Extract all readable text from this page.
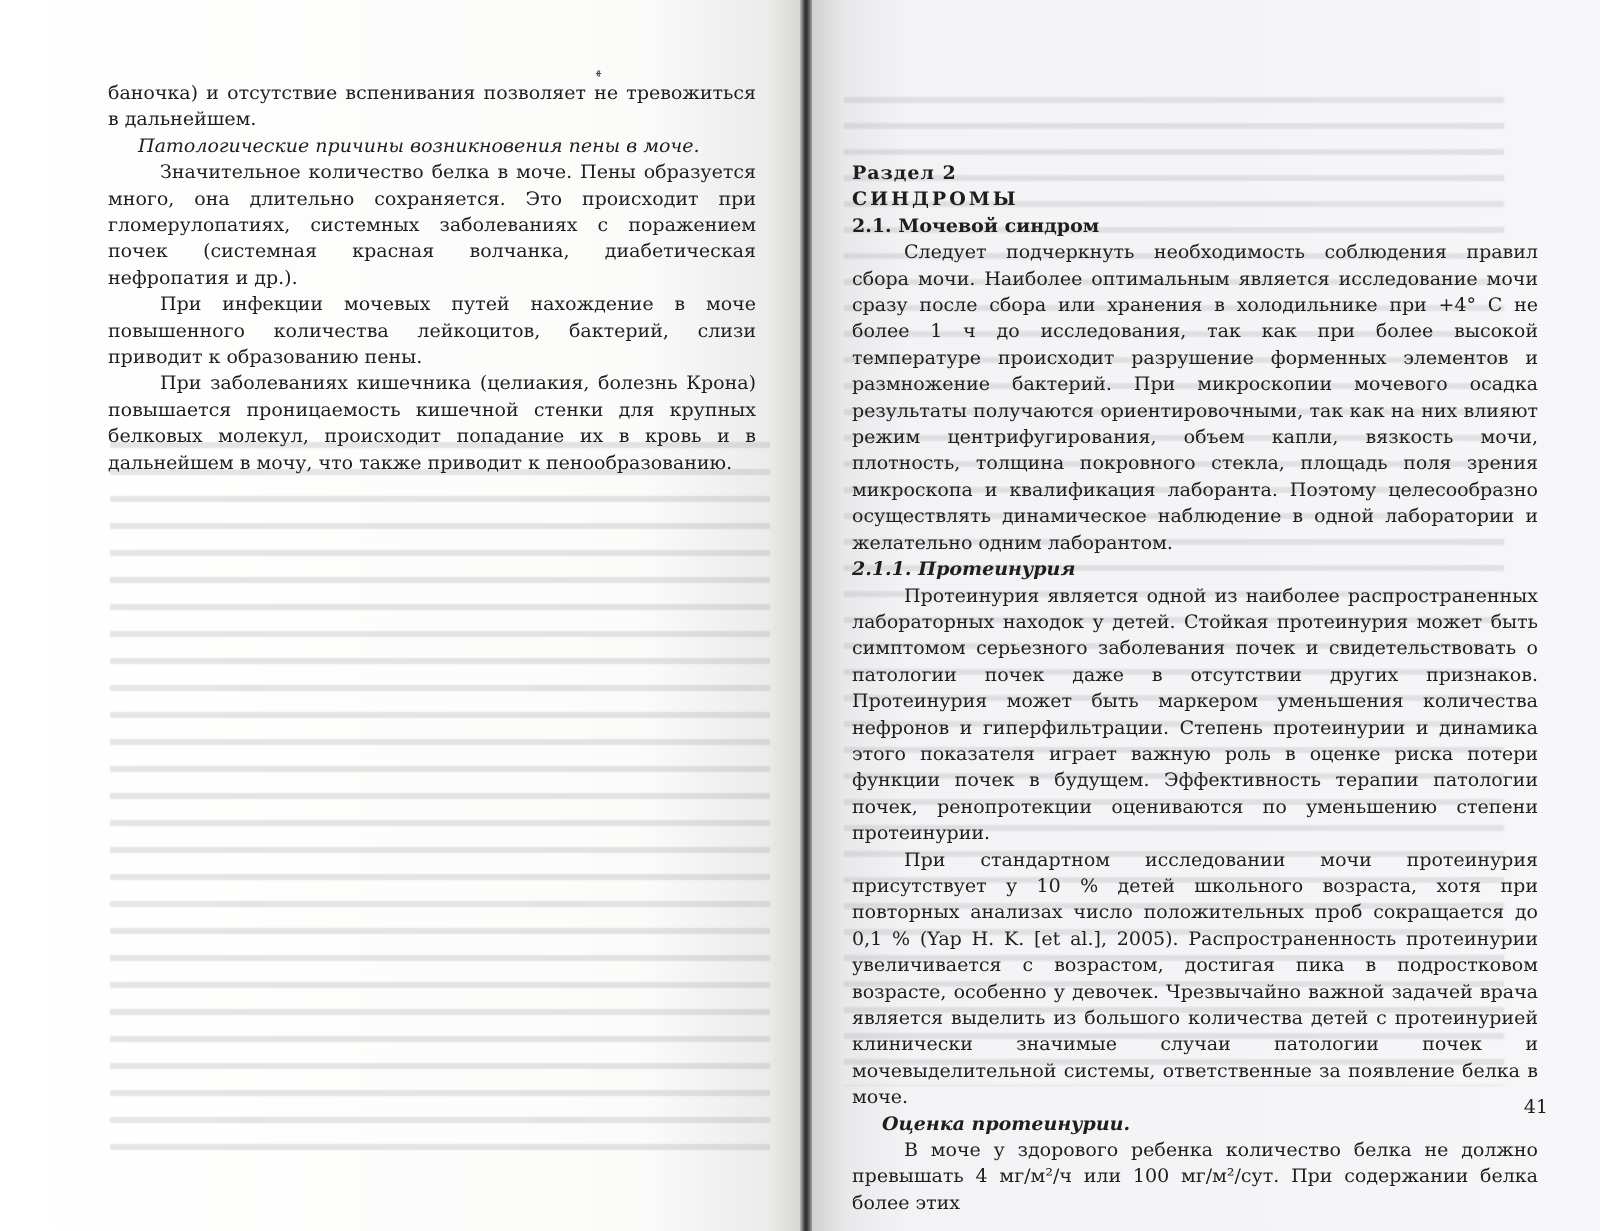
ﻬ

баночка) и отсутствие вспенивания позволяет не тревожиться в дальнейшем.

Патологические причины возникновения пены в моче.

Значительное количество белка в моче. Пены образуется много, она длительно сохраняется. Это происходит при гломерулопатиях, системных заболеваниях с поражением почек (системная красная волчанка, диабетическая нефропатия и др.).

При инфекции мочевых путей нахождение в моче повышенного количества лейкоцитов, бактерий, слизи приводит к образованию пены.

При заболеваниях кишечника (целиакия, болезнь Крона) повышается проницаемость кишечной стенки для крупных белковых молекул, происходит попадание их в кровь и в дальнейшем в мочу, что также приводит к пенообразованию.

Раздел 2

СИНДРОМЫ

2.1. Мочевой синдром

Следует подчеркнуть необходимость соблюдения правил сбора мочи. Наиболее оптимальным является исследование мочи сразу после сбора или хранения в холодильнике при +4° С не более 1 ч до исследования, так как при более высокой температуре происходит разрушение форменных элементов и размножение бактерий. При микроскопии мочевого осадка результаты получаются ориентировочными, так как на них влияют режим центрифугирования, объем капли, вязкость мочи, плотность, толщина покровного стекла, площадь поля зрения микроскопа и квалификация лаборанта. Поэтому целесообразно осуществлять динамическое наблюдение в одной лаборатории и желательно одним лаборантом.

2.1.1. Протеинурия

Протеинурия является одной из наиболее распространенных лабораторных находок у детей. Стойкая протеинурия может быть симптомом серьезного заболевания почек и свидетельствовать о патологии почек даже в отсутствии других признаков. Протеинурия может быть маркером уменьшения количества нефронов и гиперфильтрации. Степень протеинурии и динамика этого показателя играет важную роль в оценке риска потери функции почек в будущем. Эффективность терапии патологии почек, ренопротекции оцениваются по уменьшению степени протеинурии.

При стандартном исследовании мочи протеинурия присутствует у 10 % детей школьного возраста, хотя при повторных анализах число положительных проб сокращается до 0,1 % (Yap H. K. [et al.], 2005). Распространенность протеинурии увеличивается с возрастом, достигая пика в подростковом возрасте, особенно у девочек. Чрезвычайно важной задачей врача является выделить из большого количества детей с протеинурией клинически значимые случаи патологии почек и мочевыделительной системы, ответственные за появление белка в моче.

Оценка протеинурии.

В моче у здорового ребенка количество белка не должно превышать 4 мг/м²/ч или 100 мг/м²/сут. При содержании белка более этих

41
